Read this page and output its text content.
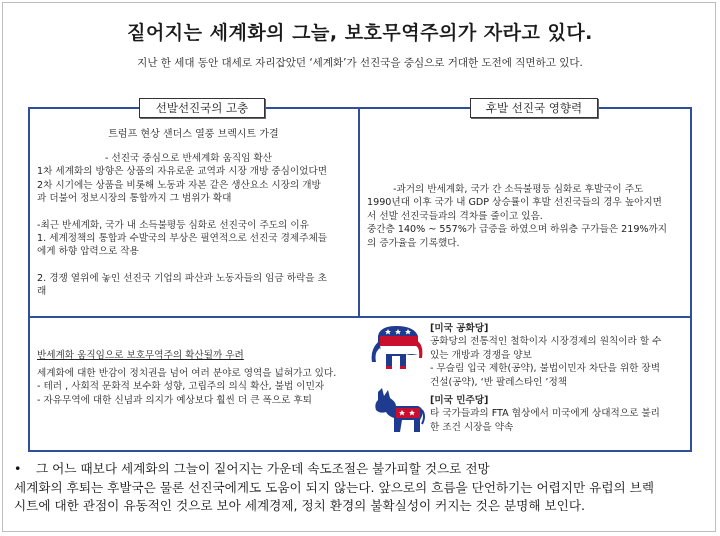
짙어지는 세계화의 그늘, 보호무역주의가 자라고 있다.
지난 한 세대 동안 대세로 자리잡았던 ‘세계화’가 선진국을 중심으로 거대한 도전에 직면하고 있다.
선발선진국의 고충	후발 선진국 영향력
트럼프 현상 샌더스 열풍 브렉시트 가결

- 선진국 중심으로 반세계화 움직임 확산

1차 세계화의 방향은 상품의 자유로운 교역과 시장 개방 중심이었다면

2차 시기에는 상품을 비롯해 노동과 자본 같은 생산요소 시장의 개방

과 더불어 정보시장의 통합까지 그 범위가 확대

-최근 반세계화, 국가 내 소득불평등 심화로 선진국이 주도의 이유

1. 세계정책의 통합과 수발국의 부상은 필연적으로 선진국 경제주체들

에게 하향 압력으로 작용

2. 경쟁 열위에 놓인 선진국 기업의 파산과 노동자들의 임금 하락을 초

래

-과거의 반세계화, 국가 간 소득불평등 심화로 후발국이 주도
1990년대 이후 국가 내 GDP 상승률이 후발 선진국들의 경우 높아지면
서 선발 선진국들과의 격차를 줄이고 있음.
중간층 140% ~ 557%가 급증을 하였으며 하위층 구가들은 219%까지
의 증가율을 기록했다.
반세계화 움직임으로 보호무역주의 확산될까 우려
세계화에 대한 반감이 정치권을 넘어 여러 분야로 영역을 넓혀가고 있다.
- 테러 , 사회적 문화적 보수화 성향, 고립주의 의식 확산, 불법 이민자
- 자유무역에 대한 신념과 의지가 예상보다 훨씬 더 큰 폭으로 후퇴
[미국 공화당]
공화당의 전통적인 철학이자 시장경제의 원칙이라 할 수
있는 개방과 경쟁을 양보
- 무슬림 입국 제한(공약), 불법이민자 차단을 위한 장벽
건설(공약), ‘반 팔레스타인 ’정책
[미국 민주당]
타 국가들과의 FTA 협상에서 미국에게 상대적으로 불리
한 조건 시장을 약속

• 그 어느 때보다 세계화의 그늘이 짙어지는 가운데 속도조절은 불가피할 것으로 전망

세계화의 후퇴는 후발국은 물론 선진국에게도 도움이 되지 않는다. 앞으로의 흐름을 단언하기는 어렵지만 유럽의 브렉

시트에 대한 관점이 유동적인 것으로 보아 세계경제, 정치 환경의 불확실성이 커지는 것은 분명해 보인다.
